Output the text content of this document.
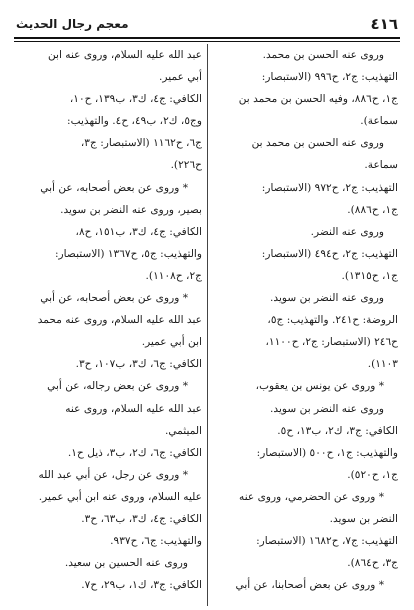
٤١٦
معجم رجال الحديث
وروى عنه الحسن بن محمد.
التهذيب: ج٢، ح٩٩٦ (الاستبصار:
ج١، ح٨٨٦، وفيه الحسن بن محمد بن
سماعة).
وروى عنه الحسن بن محمد بن
سماعة.
التهذيب: ج٢، ح٩٧٢ (الاستبصار:
ج١، ح٨٨٦).
وروى عنه النضر.
التهذيب: ج٢، ح٤٩٤ (الاستبصار:
ج١، ح١٣١٥).
وروى عنه النضر بن سويد.
الروضة: ح٢٤١. والتهذيب: ج٥،
ح٢٤٦ (الاستبصار: ج٢، ح١١٠٠،
١١٠٣).
* وروى عن يونس بن يعقوب،
وروى عنه النضر بن سويد.
الكافي: ج٣، ك٢، ب١٣، ح٥.
والتهذيب: ج١، ح٥٠٠ (الاستبصار:
ج١، ح٥٢٠).
* وروى عن الحضرمي، وروى عنه
النضر بن سويد.
التهذيب: ج٧، ح١٦٨٢ (الاستبصار:
ج٣، ح٨٦٤).
* وروى عن بعض أصحابنا، عن أبي
عبد الله عليه السلام، وروى عنه ابن
أبي عمير.
الكافي: ج٤، ك٣، ب١٣٩، ح١٠،
وج٥، ك٢، ب٤٩، ح٤. والتهذيب:
ج٦، ح١١٦٢ (الاستبصار: ج٣،
ح٢٢٦).
* وروى عن بعض أصحابه، عن أبي
بصير، وروى عنه النضر بن سويد.
الكافي: ج٤، ك٣، ب١٥١، ح٨،
والتهذيب: ج٥، ح١٣٦٧ (الاستبصار:
ج٢، ح١١٠٨).
* وروى عن بعض أصحابه، عن أبي
عبد الله عليه السلام، وروى عنه محمد
ابن أبي عمير.
الكافي: ج٦، ك٣، ب١٠٧، ح٣.
* وروى عن بعض رجاله، عن أبي
عبد الله عليه السلام، وروى عنه
الميثمي.
الكافي: ج٦، ك٢، ب٣، ذيل ح١.
* وروى عن رجل، عن أبي عبد الله
عليه السلام، وروى عنه ابن أبي عمير.
الكافي: ج٤، ك٣، ب٦٣، ح٣.
والتهذيب: ج٦، ح٩٣٧.
وروى عنه الحسين بن سعيد.
الكافي: ج٣، ك١، ب٢٩، ح٧.
